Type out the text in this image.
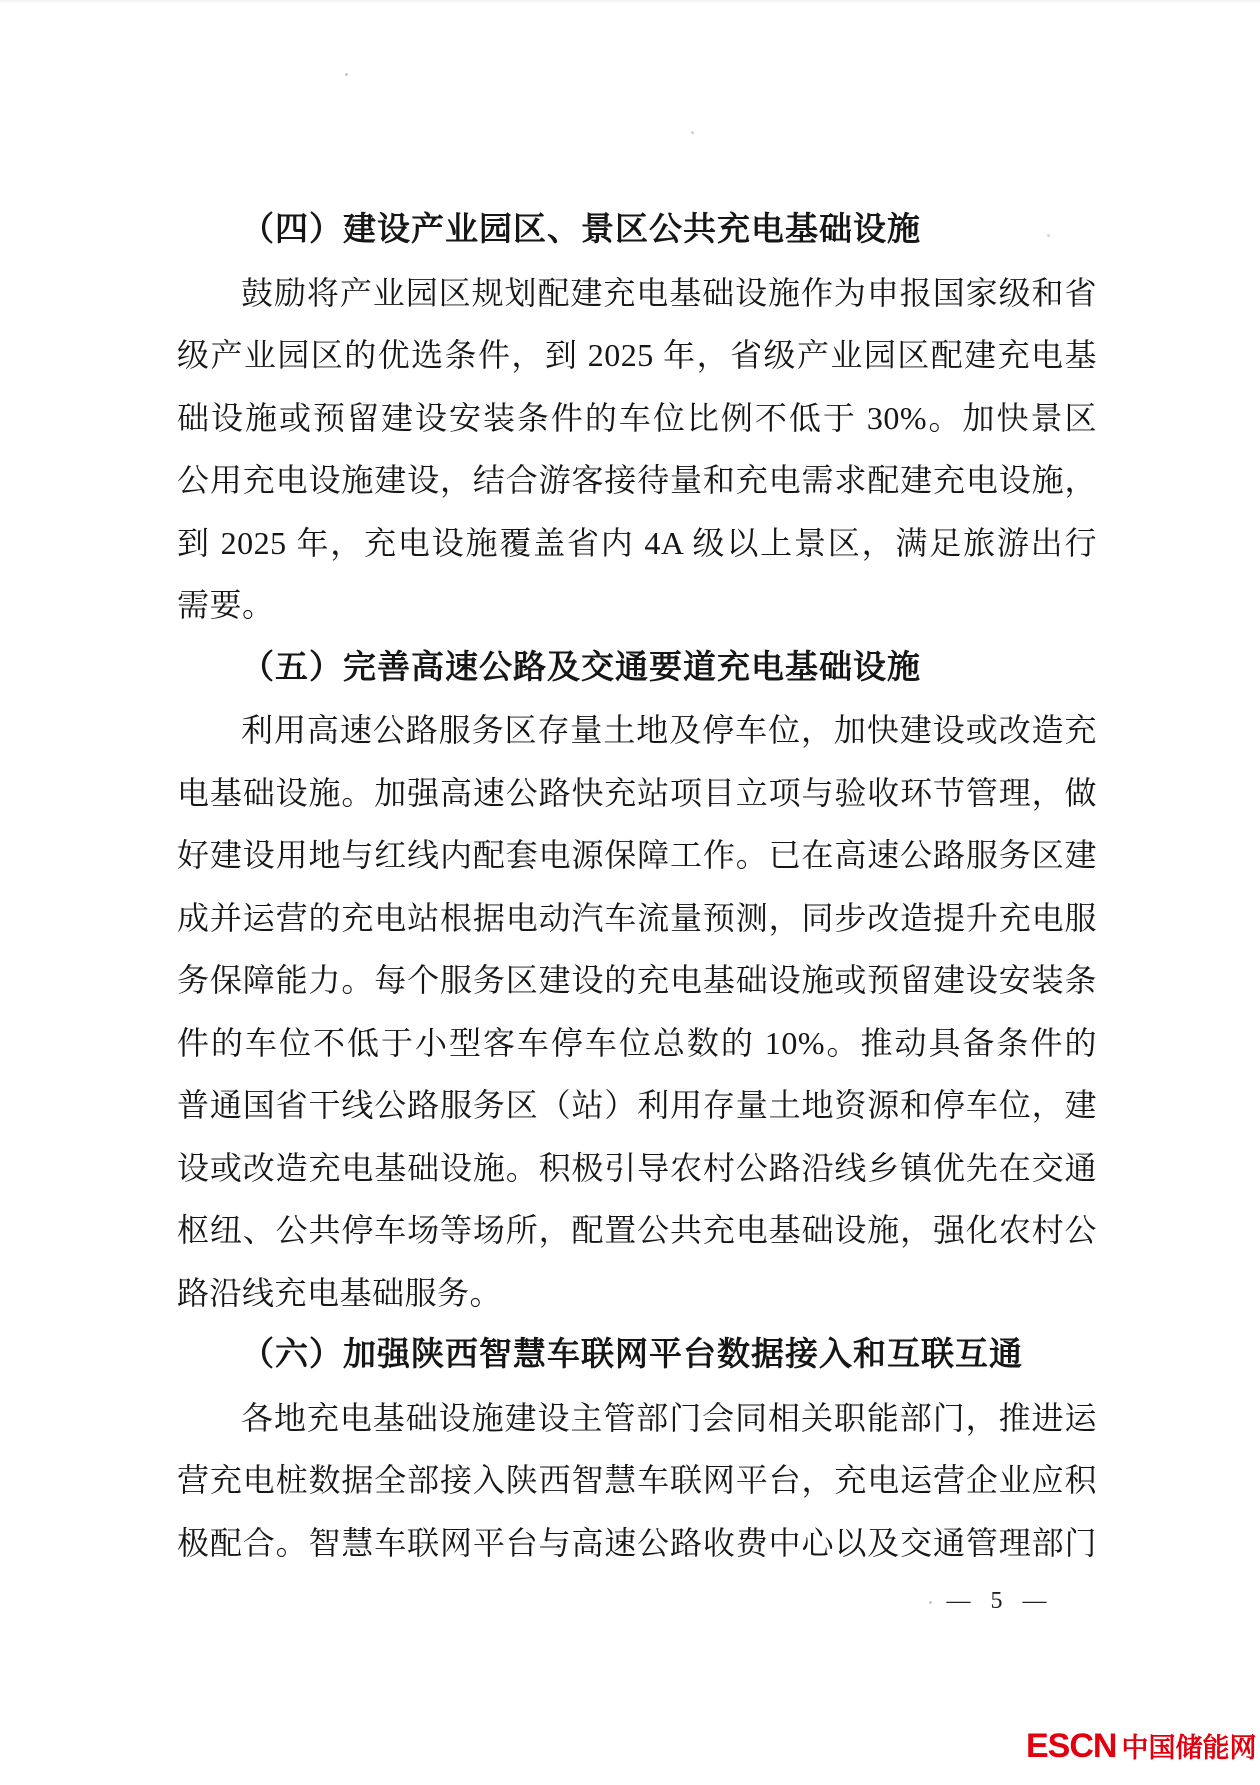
（四）建设产业园区、景区公共充电基础设施
鼓励将产业园区规划配建充电基础设施作为申报国家级和省
级产业园区的优选条件，到 2025 年，省级产业园区配建充电基
础设施或预留建设安装条件的车位比例不低于 30%。加快景区
公用充电设施建设，结合游客接待量和充电需求配建充电设施，
到 2025 年，充电设施覆盖省内 4A 级以上景区，满足旅游出行
需要。
（五）完善高速公路及交通要道充电基础设施
利用高速公路服务区存量土地及停车位，加快建设或改造充
电基础设施。加强高速公路快充站项目立项与验收环节管理，做
好建设用地与红线内配套电源保障工作。已在高速公路服务区建
成并运营的充电站根据电动汽车流量预测，同步改造提升充电服
务保障能力。每个服务区建设的充电基础设施或预留建设安装条
件的车位不低于小型客车停车位总数的 10%。推动具备条件的
普通国省干线公路服务区（站）利用存量土地资源和停车位，建
设或改造充电基础设施。积极引导农村公路沿线乡镇优先在交通
枢纽、公共停车场等场所，配置公共充电基础设施，强化农村公
路沿线充电基础服务。
（六）加强陕西智慧车联网平台数据接入和互联互通
各地充电基础设施建设主管部门会同相关职能部门，推进运
营充电桩数据全部接入陕西智慧车联网平台，充电运营企业应积
极配合。智慧车联网平台与高速公路收费中心以及交通管理部门
— 5 —
ESCN 中国储能网
